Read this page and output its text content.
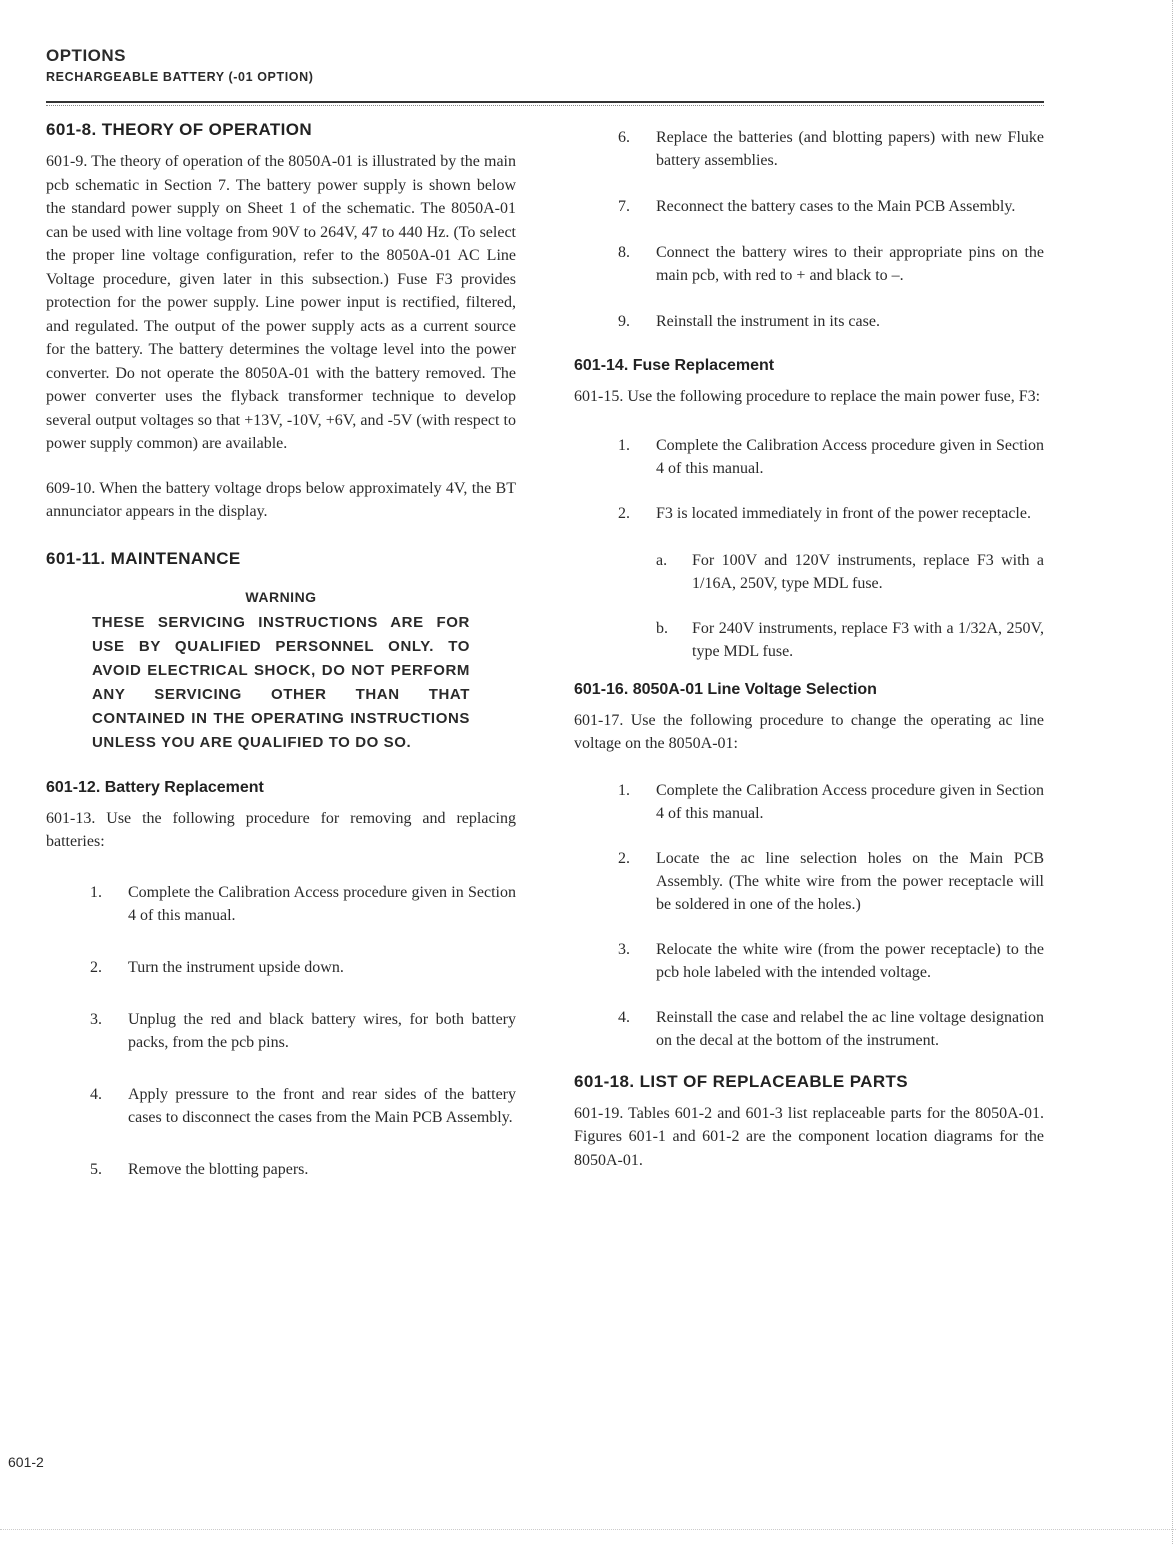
OPTIONS
RECHARGEABLE BATTERY (-01 OPTION)
601-8. THEORY OF OPERATION

601-9. The theory of operation of the 8050A-01 is illustrated by the main pcb schematic in Section 7. The battery power supply is shown below the standard power supply on Sheet 1 of the schematic. The 8050A-01 can be used with line voltage from 90V to 264V, 47 to 440 Hz. (To select the proper line voltage configuration, refer to the 8050A-01 AC Line Voltage procedure, given later in this subsection.) Fuse F3 provides protection for the power supply. Line power input is rectified, filtered, and regulated. The output of the power supply acts as a current source for the battery. The battery determines the voltage level into the power converter. Do not operate the 8050A-01 with the battery removed. The power converter uses the flyback transformer technique to develop several output voltages so that +13V, -10V, +6V, and -5V (with respect to power supply common) are available.

609-10. When the battery voltage drops below approximately 4V, the BT annunciator appears in the display.

601-11. MAINTENANCE
WARNING
THESE SERVICING INSTRUCTIONS ARE FOR USE BY QUALIFIED PERSONNEL ONLY. TO AVOID ELECTRICAL SHOCK, DO NOT PERFORM ANY SERVICING OTHER THAN THAT CONTAINED IN THE OPERATING INSTRUCTIONS UNLESS YOU ARE QUALIFIED TO DO SO.
601-12. Battery Replacement

601-13. Use the following procedure for removing and replacing batteries:

1. Complete the Calibration Access procedure given in Section 4 of this manual.
2. Turn the instrument upside down.
3. Unplug the red and black battery wires, for both battery packs, from the pcb pins.
4. Apply pressure to the front and rear sides of the battery cases to disconnect the cases from the Main PCB Assembly.
5. Remove the blotting papers.
6. Replace the batteries (and blotting papers) with new Fluke battery assemblies.
7. Reconnect the battery cases to the Main PCB Assembly.
8. Connect the battery wires to their appropriate pins on the main pcb, with red to + and black to –.
9. Reinstall the instrument in its case.
601-14. Fuse Replacement

601-15. Use the following procedure to replace the main power fuse, F3:

1. Complete the Calibration Access procedure given in Section 4 of this manual.
2. F3 is located immediately in front of the power receptacle.
a. For 100V and 120V instruments, replace F3 with a 1/16A, 250V, type MDL fuse.
b. For 240V instruments, replace F3 with a 1/32A, 250V, type MDL fuse.
601-16. 8050A-01 Line Voltage Selection

601-17. Use the following procedure to change the operating ac line voltage on the 8050A-01:

1. Complete the Calibration Access procedure given in Section 4 of this manual.
2. Locate the ac line selection holes on the Main PCB Assembly. (The white wire from the power receptacle will be soldered in one of the holes.)
3. Relocate the white wire (from the power receptacle) to the pcb hole labeled with the intended voltage.
4. Reinstall the case and relabel the ac line voltage designation on the decal at the bottom of the instrument.
601-18. LIST OF REPLACEABLE PARTS

601-19. Tables 601-2 and 601-3 list replaceable parts for the 8050A-01. Figures 601-1 and 601-2 are the component location diagrams for the 8050A-01.

601-2
